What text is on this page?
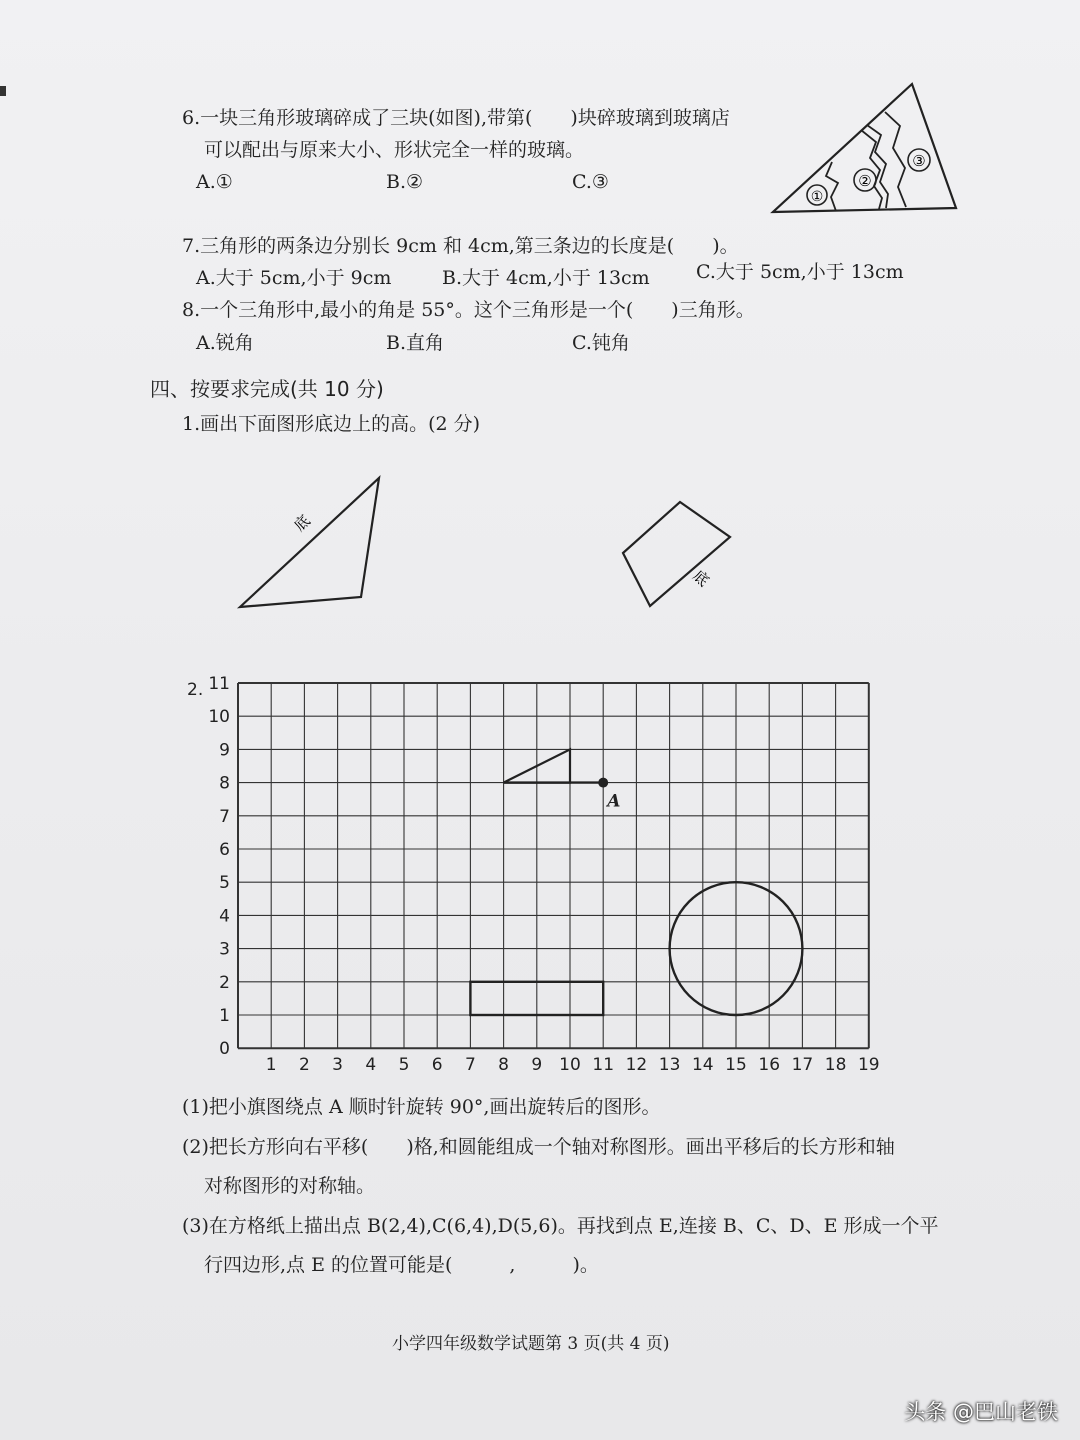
6.一块三角形玻璃碎成了三块(如图),带第(　　)块碎玻璃到玻璃店
可以配出与原来大小、形状完全一样的玻璃。
A.①	B.②	C.③
7.三角形的两条边分别长 9cm 和 4cm,第三条边的长度是(　　)。
A.大于 5cm,小于 9cm	B.大于 4cm,小于 13cm C.大于 5cm,小于 13cm
8.一个三角形中,最小的角是 55°。这个三角形是一个(　　)三角形。
A.锐角	B.直角	C.钝角
四、按要求完成(共 10 分)
1.画出下面图形底边上的高。(2 分)
①
②
③
底
底
2.
1 2 3 4 5 6 7 8 9 10 11 12 13 14 15 16 17 18 19
0
1
2
3
4
5
6
7
8
9
10
11
A
(1)把小旗图绕点 A 顺时针旋转 90°,画出旋转后的图形。
(2)把长方形向右平移(　　)格,和圆能组成一个轴对称图形。画出平移后的长方形和轴
对称图形的对称轴。
(3)在方格纸上描出点 B(2,4),C(6,4),D(5,6)。再找到点 E,连接 B、C、D、E 形成一个平
行四边形,点 E 的位置可能是(　　　,　　　)。
小学四年级数学试题第 3 页(共 4 页)
头条 @巴山老铁
